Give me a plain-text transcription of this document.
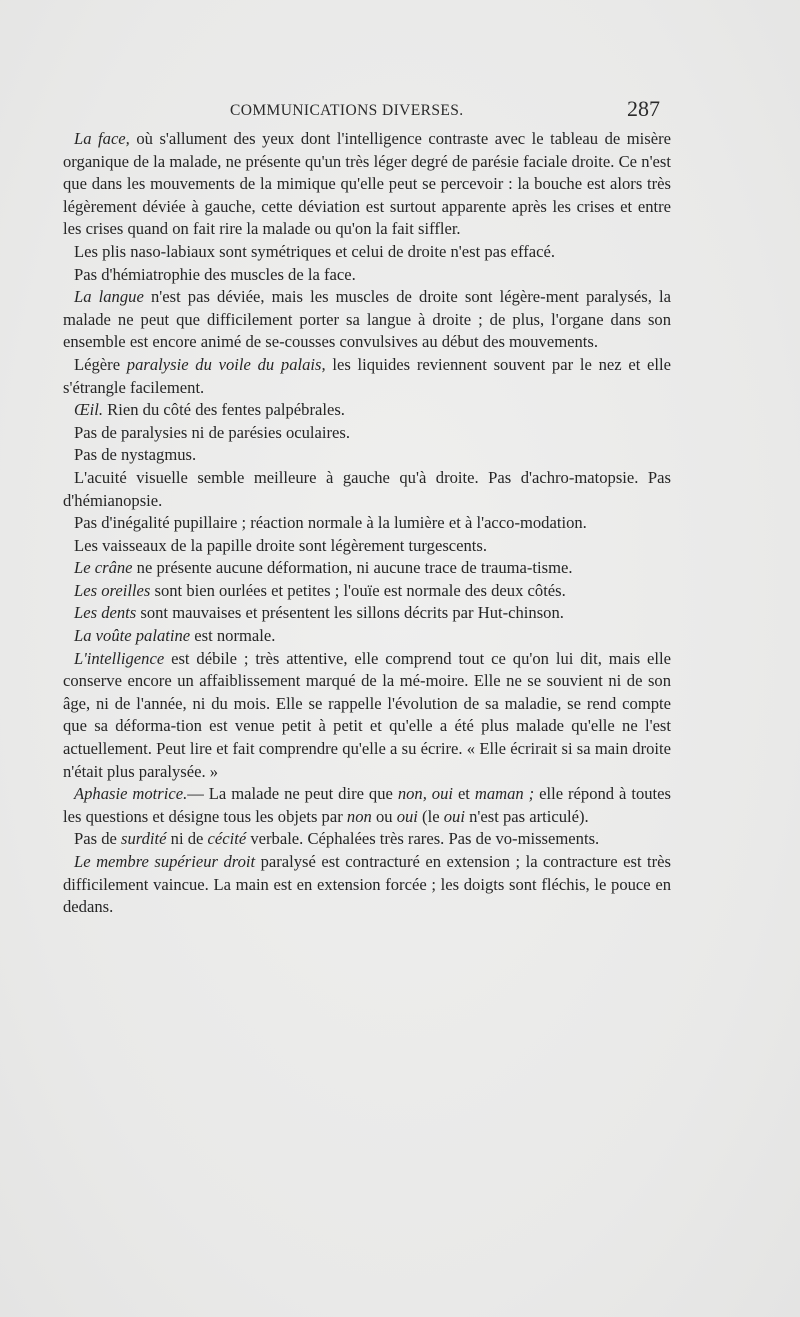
COMMUNICATIONS DIVERSES.	287

La face, où s'allument des yeux dont l'intelligence contraste avec le tableau de misère organique de la malade, ne présente qu'un très léger degré de parésie faciale droite. Ce n'est que dans les mouvements de la mimique qu'elle peut se percevoir : la bouche est alors très légèrement déviée à gauche, cette déviation est surtout apparente après les crises et entre les crises quand on fait rire la malade ou qu'on la fait siffler.

Les plis naso-labiaux sont symétriques et celui de droite n'est pas effacé.

Pas d'hémiatrophie des muscles de la face.

La langue n'est pas déviée, mais les muscles de droite sont légère-ment paralysés, la malade ne peut que difficilement porter sa langue à droite ; de plus, l'organe dans son ensemble est encore animé de se-cousses convulsives au début des mouvements.

Légère paralysie du voile du palais, les liquides reviennent souvent par le nez et elle s'étrangle facilement.

Œil. Rien du côté des fentes palpébrales.

Pas de paralysies ni de parésies oculaires.

Pas de nystagmus.

L'acuité visuelle semble meilleure à gauche qu'à droite. Pas d'achro-matopsie. Pas d'hémianopsie.

Pas d'inégalité pupillaire ; réaction normale à la lumière et à l'acco-modation.

Les vaisseaux de la papille droite sont légèrement turgescents.

Le crâne ne présente aucune déformation, ni aucune trace de trauma-tisme.

Les oreilles sont bien ourlées et petites ; l'ouïe est normale des deux côtés.

Les dents sont mauvaises et présentent les sillons décrits par Hut-chinson.

La voûte palatine est normale.

L'intelligence est débile ; très attentive, elle comprend tout ce qu'on lui dit, mais elle conserve encore un affaiblissement marqué de la mé-moire. Elle ne se souvient ni de son âge, ni de l'année, ni du mois. Elle se rappelle l'évolution de sa maladie, se rend compte que sa déforma-tion est venue petit à petit et qu'elle a été plus malade qu'elle ne l'est actuellement. Peut lire et fait comprendre qu'elle a su écrire. « Elle écrirait si sa main droite n'était plus paralysée. »

Aphasie motrice.— La malade ne peut dire que non, oui et maman ; elle répond à toutes les questions et désigne tous les objets par non ou oui (le oui n'est pas articulé).

Pas de surdité ni de cécité verbale. Céphalées très rares. Pas de vo-missements.

Le membre supérieur droit paralysé est contracturé en extension ; la contracture est très difficilement vaincue. La main est en extension forcée ; les doigts sont fléchis, le pouce en dedans.
